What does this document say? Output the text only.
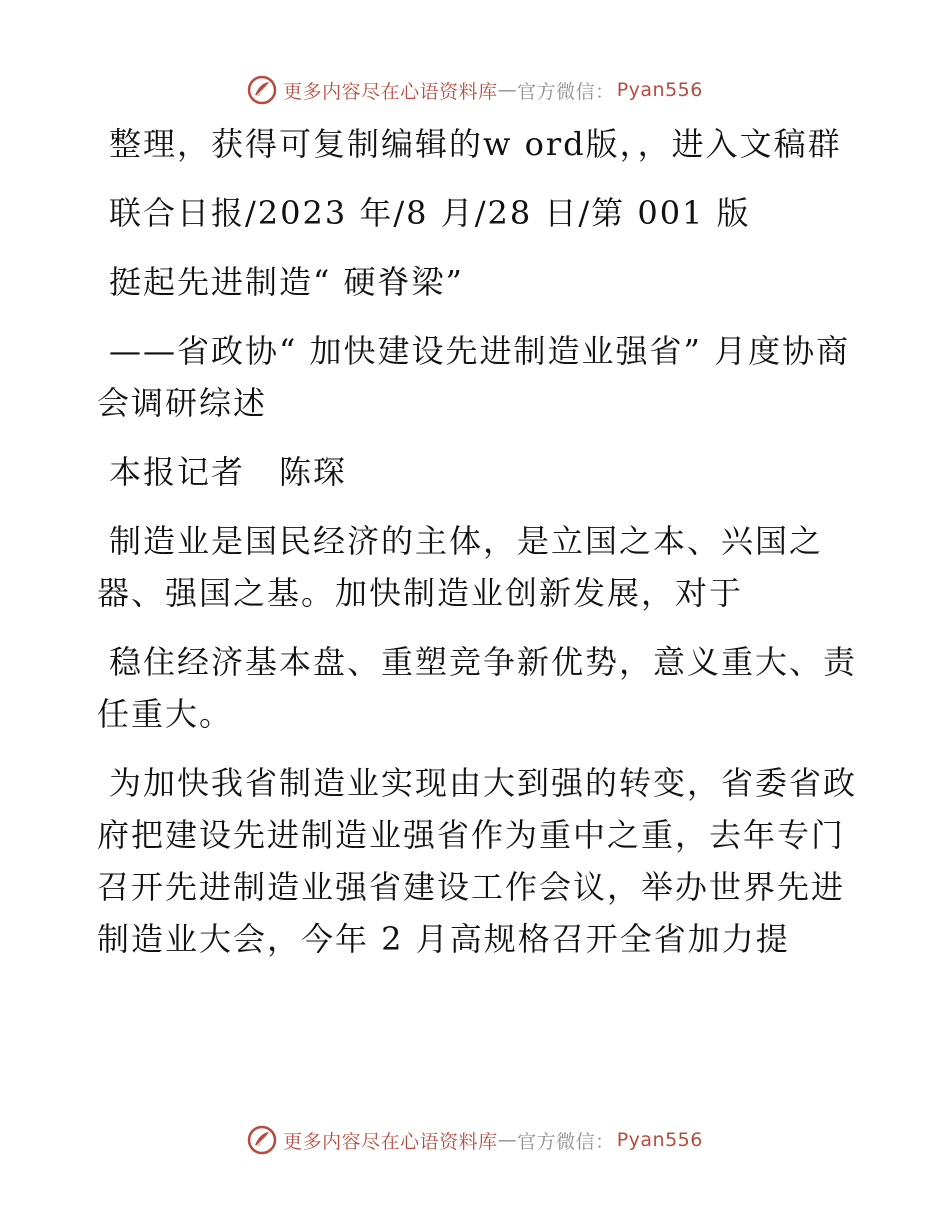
更多内容尽在心语资料库 — 官方微信： Pyan556

整理，获得可复制编辑的w ord版，，进入文稿群

联合日报/2023 年/8 月/28 日/第 001 版

挺起先进制造“ 硬脊梁”

——省政协“ 加快建设先进制造业强省” 月度协商会调研综述

本报记者　陈琛

制造业是国民经济的主体，是立国之本、兴国之器、强国之基。加快制造业创新发展，对于

稳住经济基本盘、重塑竞争新优势，意义重大、责任重大。

为加快我省制造业实现由大到强的转变，省委省政府把建设先进制造业强省作为重中之重，去年专门召开先进制造业强省建设工作会议，举办世界先进制造业大会，今年 2 月高规格召开全省加力提

更多内容尽在心语资料库 — 官方微信： Pyan556
